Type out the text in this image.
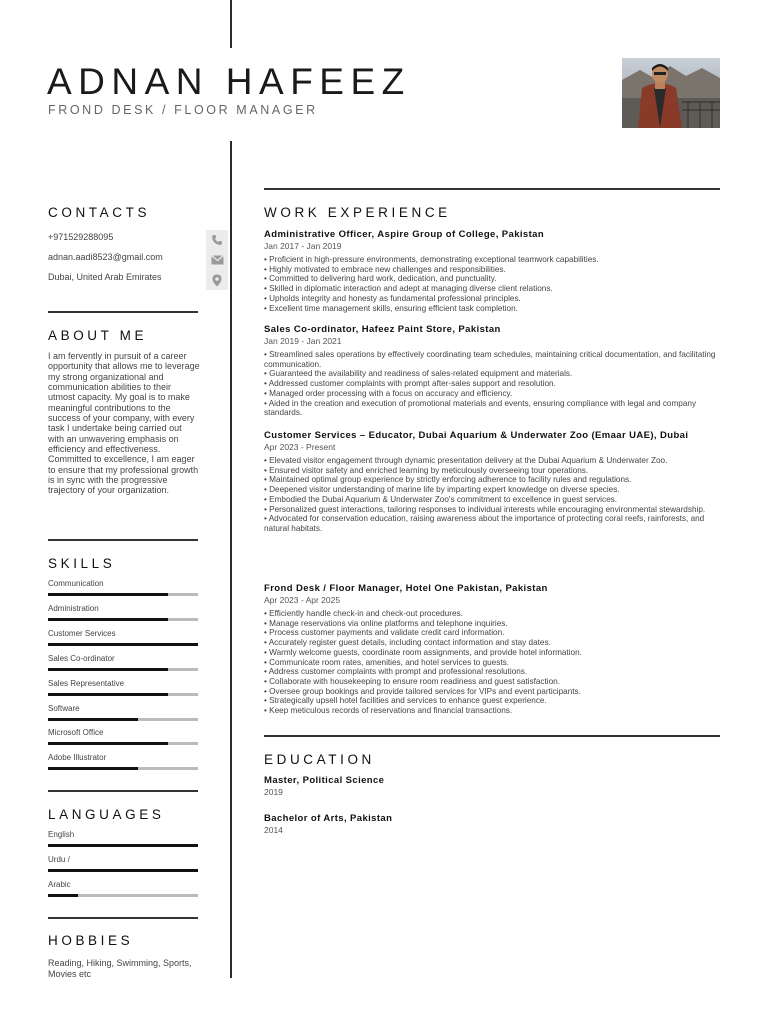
ADNAN HAFEEZ
FROND DESK / FLOOR MANAGER
CONTACTS
+971529288095
adnan.aadi8523@gmail.com
Dubai, United Arab Emirates
ABOUT ME
I am fervently in pursuit of a career opportunity that allows me to leverage my strong organizational and communication abilities to their utmost capacity. My goal is to make meaningful contributions to the success of your company, with every task I undertake being carried out with an unwavering emphasis on efficiency and effectiveness. Committed to excellence, I am eager to ensure that my professional growth is in sync with the progressive trajectory of your organization.
SKILLS
Communication
Administration
Customer Services
Sales Co-ordinator
Sales Representative
Software
Microsoft Office
Adobe Illustrator
LANGUAGES
English
Urdu /
Arabic
HOBBIES
Reading, Hiking, Swimming, Sports, Movies etc
WORK EXPERIENCE
Administrative Officer, Aspire Group of College, Pakistan
Jan 2017 - Jan 2019
• Proficient in high-pressure environments, demonstrating exceptional teamwork capabilities.
• Highly motivated to embrace new challenges and responsibilities.
• Committed to delivering hard work, dedication, and punctuality.
• Skilled in diplomatic interaction and adept at managing diverse client relations.
• Upholds integrity and honesty as fundamental professional principles.
• Excellent time management skills, ensuring efficient task completion.
Sales Co-ordinator, Hafeez Paint Store, Pakistan
Jan 2019 - Jan 2021
• Streamlined sales operations by effectively coordinating team schedules, maintaining critical documentation, and facilitating communication.
• Guaranteed the availability and readiness of sales-related equipment and materials.
• Addressed customer complaints with prompt after-sales support and resolution.
• Managed order processing with a focus on accuracy and efficiency.
• Aided in the creation and execution of promotional materials and events, ensuring compliance with legal and company standards.
Customer Services – Educator, Dubai Aquarium & Underwater Zoo (Emaar UAE), Dubai
Apr 2023 - Present
• Elevated visitor engagement through dynamic presentation delivery at the Dubai Aquarium & Underwater Zoo.
• Ensured visitor safety and enriched learning by meticulously overseeing tour operations.
• Maintained optimal group experience by strictly enforcing adherence to facility rules and regulations.
• Deepened visitor understanding of marine life by imparting expert knowledge on diverse species.
• Embodied the Dubai Aquarium & Underwater Zoo's commitment to excellence in guest services.
• Personalized guest interactions, tailoring responses to individual interests while encouraging environmental stewardship.
• Advocated for conservation education, raising awareness about the importance of protecting coral reefs, rainforests, and natural habitats.
Frond Desk / Floor Manager, Hotel One Pakistan, Pakistan
Apr 2023 - Apr 2025
• Efficiently handle check-in and check-out procedures.
• Manage reservations via online platforms and telephone inquiries.
• Process customer payments and validate credit card information.
• Accurately register guest details, including contact information and stay dates.
• Warmly welcome guests, coordinate room assignments, and provide hotel information.
• Communicate room rates, amenities, and hotel services to guests.
• Address customer complaints with prompt and professional resolutions.
• Collaborate with housekeeping to ensure room readiness and guest satisfaction.
• Oversee group bookings and provide tailored services for VIPs and event participants.
• Strategically upsell hotel facilities and services to enhance guest experience.
• Keep meticulous records of reservations and financial transactions.
EDUCATION
Master, Political Science
2019
Bachelor of Arts, Pakistan
2014
